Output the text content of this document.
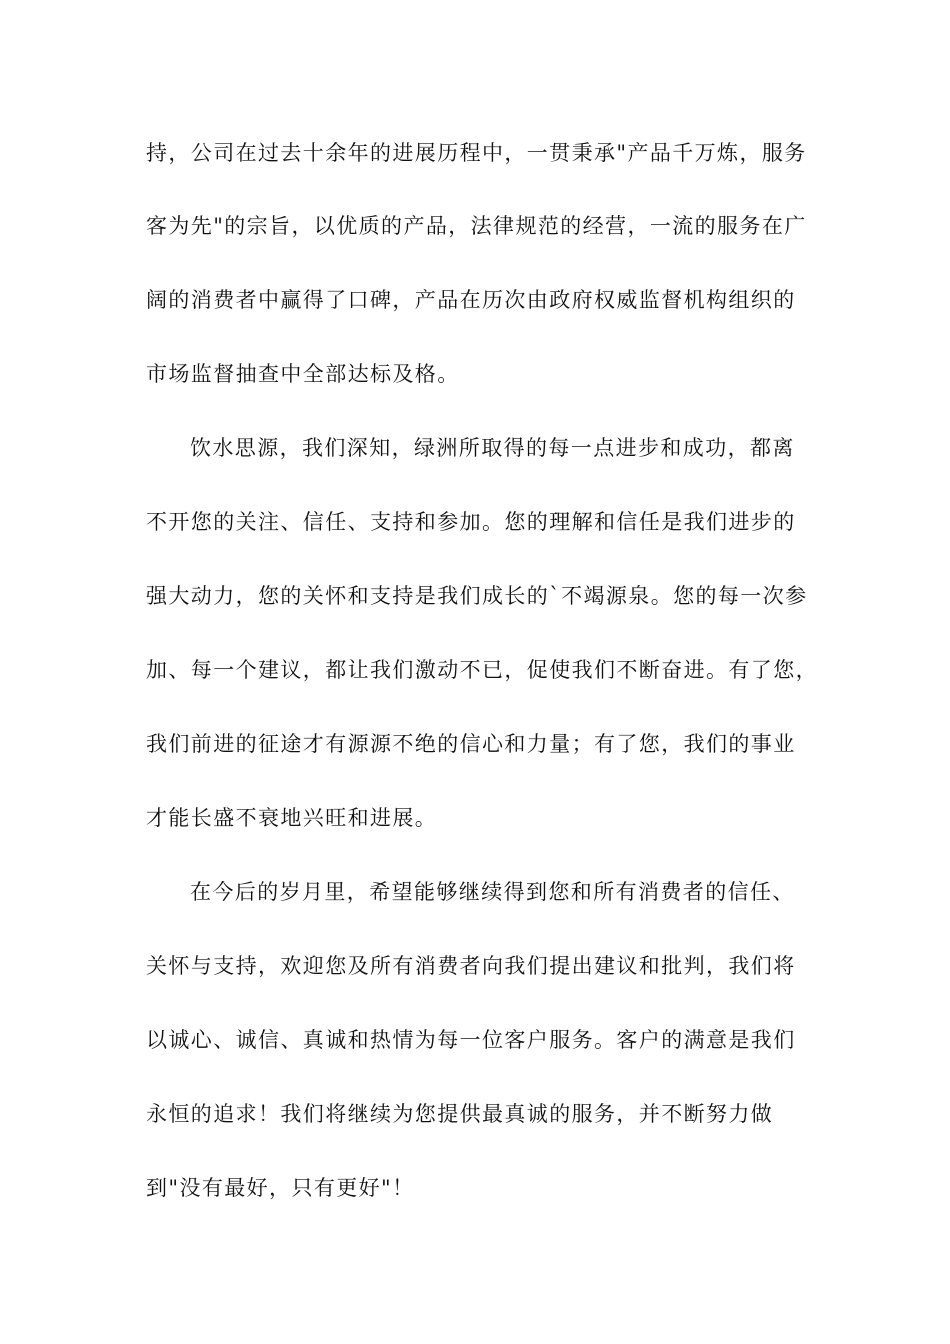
持，公司在过去十余年的进展历程中，一贯秉承"产品千万炼，服务
客为先"的宗旨，以优质的产品，法律规范的经营，一流的服务在广
阔的消费者中赢得了口碑，产品在历次由政府权威监督机构组织的
市场监督抽查中全部达标及格。
饮水思源，我们深知，绿洲所取得的每一点进步和成功，都离
不开您的关注、信任、支持和参加。您的理解和信任是我们进步的
强大动力，您的关怀和支持是我们成长的`不竭源泉。您的每一次参
加、每一个建议，都让我们激动不已，促使我们不断奋进。有了您，
我们前进的征途才有源源不绝的信心和力量；有了您，我们的事业
才能长盛不衰地兴旺和进展。
在今后的岁月里，希望能够继续得到您和所有消费者的信任、
关怀与支持，欢迎您及所有消费者向我们提出建议和批判，我们将
以诚心、诚信、真诚和热情为每一位客户服务。客户的满意是我们
永恒的追求！我们将继续为您提供最真诚的服务，并不断努力做
到"没有最好，只有更好"！
